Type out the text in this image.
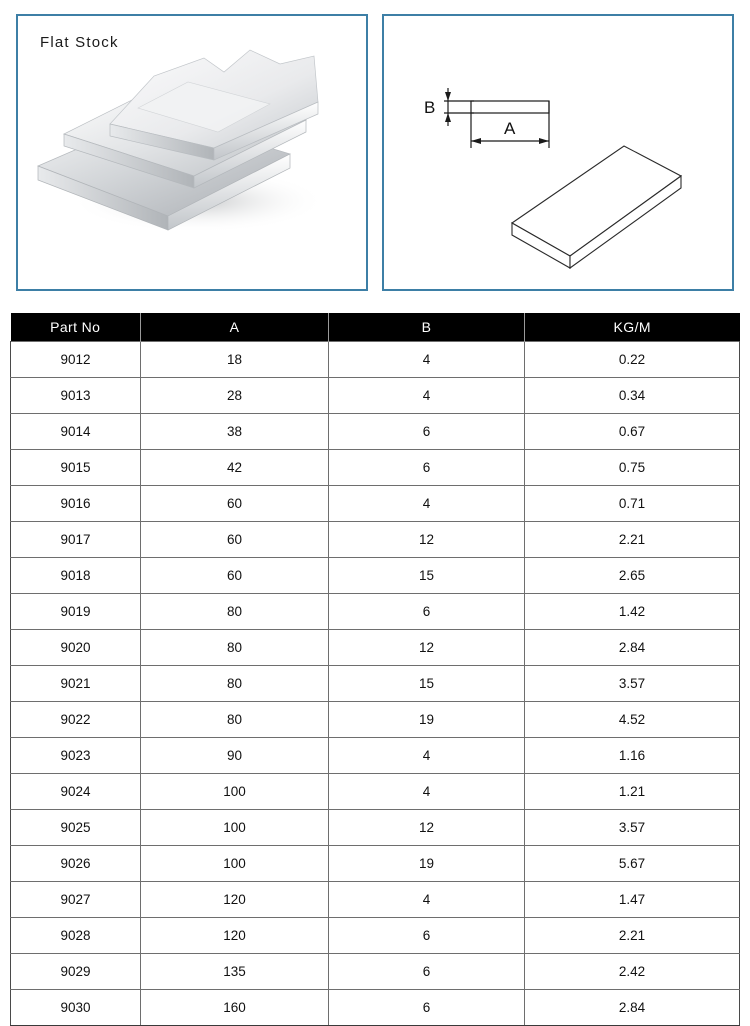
Flat Stock
B
A
Part No	A	B	KG/M
9012	18	4	0.22
9013	28	4	0.34
9014	38	6	0.67
9015	42	6	0.75
9016	60	4	0.71
9017	60	12	2.21
9018	60	15	2.65
9019	80	6	1.42
9020	80	12	2.84
9021	80	15	3.57
9022	80	19	4.52
9023	90	4	1.16
9024	100	4	1.21
9025	100	12	3.57
9026	100	19	5.67
9027	120	4	1.47
9028	120	6	2.21
9029	135	6	2.42
9030	160	6	2.84
